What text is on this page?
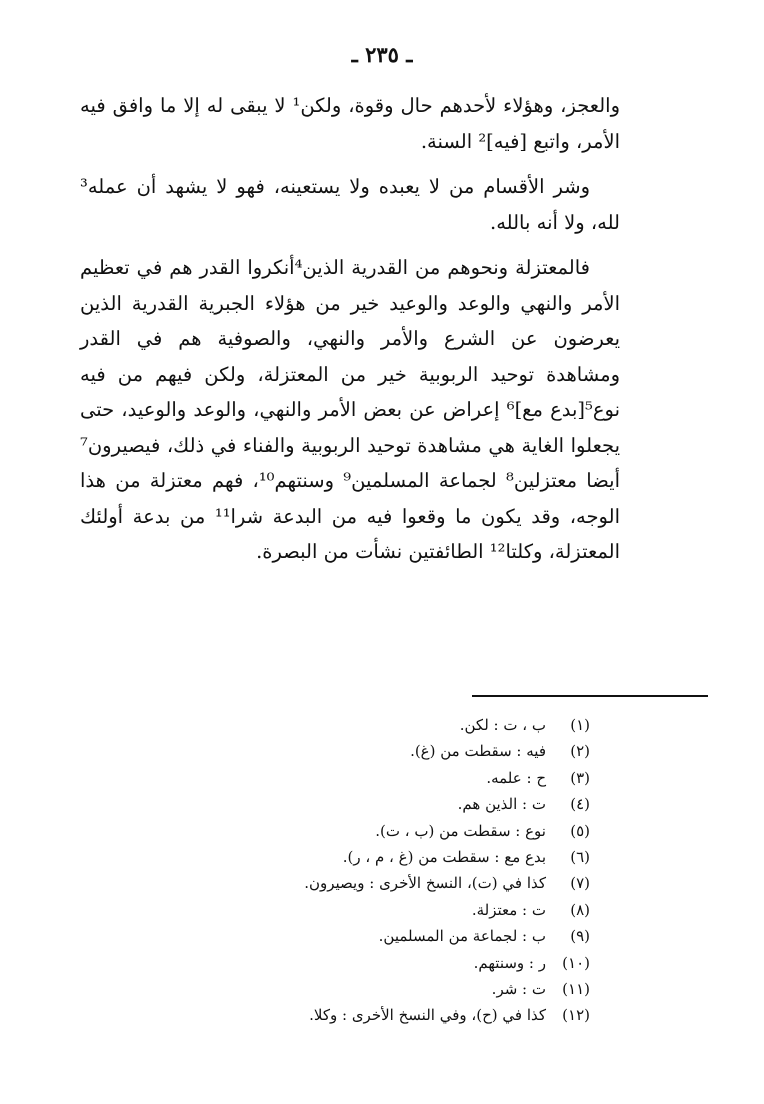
ـ ٢٣٥ ـ

والعجز، وهؤلاء لأحدهم حال وقوة، ولكن¹ لا يبقى له إلا ما وافق فيه الأمر، واتبع [فيه]² السنة.

وشر الأقسام من لا يعبده ولا يستعينه، فهو لا يشهد أن عمله³ لله، ولا أنه بالله.

فالمعتزلة ونحوهم من القدرية الذين⁴أنكروا القدر هم في تعظيم الأمر والنهي والوعد والوعيد خير من هؤلاء الجبرية القدرية الذين يعرضون عن الشرع والأمر والنهي، والصوفية هم في القدر ومشاهدة توحيد الربوبية خير من المعتزلة، ولكن فيهم من فيه نوع⁵[بدع مع]⁶ إعراض عن بعض الأمر والنهي، والوعد والوعيد، حتى يجعلوا الغاية هي مشاهدة توحيد الربوبية والفناء في ذلك، فيصيرون⁷ أيضا معتزلين⁸ لجماعة المسلمين⁹ وسنتهم¹⁰، فهم معتزلة من هذا الوجه، وقد يكون ما وقعوا فيه من البدعة شرا¹¹ من بدعة أولئك المعتزلة، وكلتا¹² الطائفتين نشأت من البصرة.

(١)ب ، ت : لكن.
(٢)فيه : سقطت من (غ).
(٣)ح : علمه.
(٤)ت : الذين هم.
(٥)نوع : سقطت من (ب ، ت).
(٦)بدع مع : سقطت من (غ ، م ، ر).
(٧)كذا في (ت)، النسخ الأخرى : ويصيرون.
(٨)ت : معتزلة.
(٩)ب : لجماعة من المسلمين.
(١٠)ر : وسنتهم.
(١١)ت : شر.
(١٢)كذا في (ح)، وفي النسخ الأخرى : وكلا.
